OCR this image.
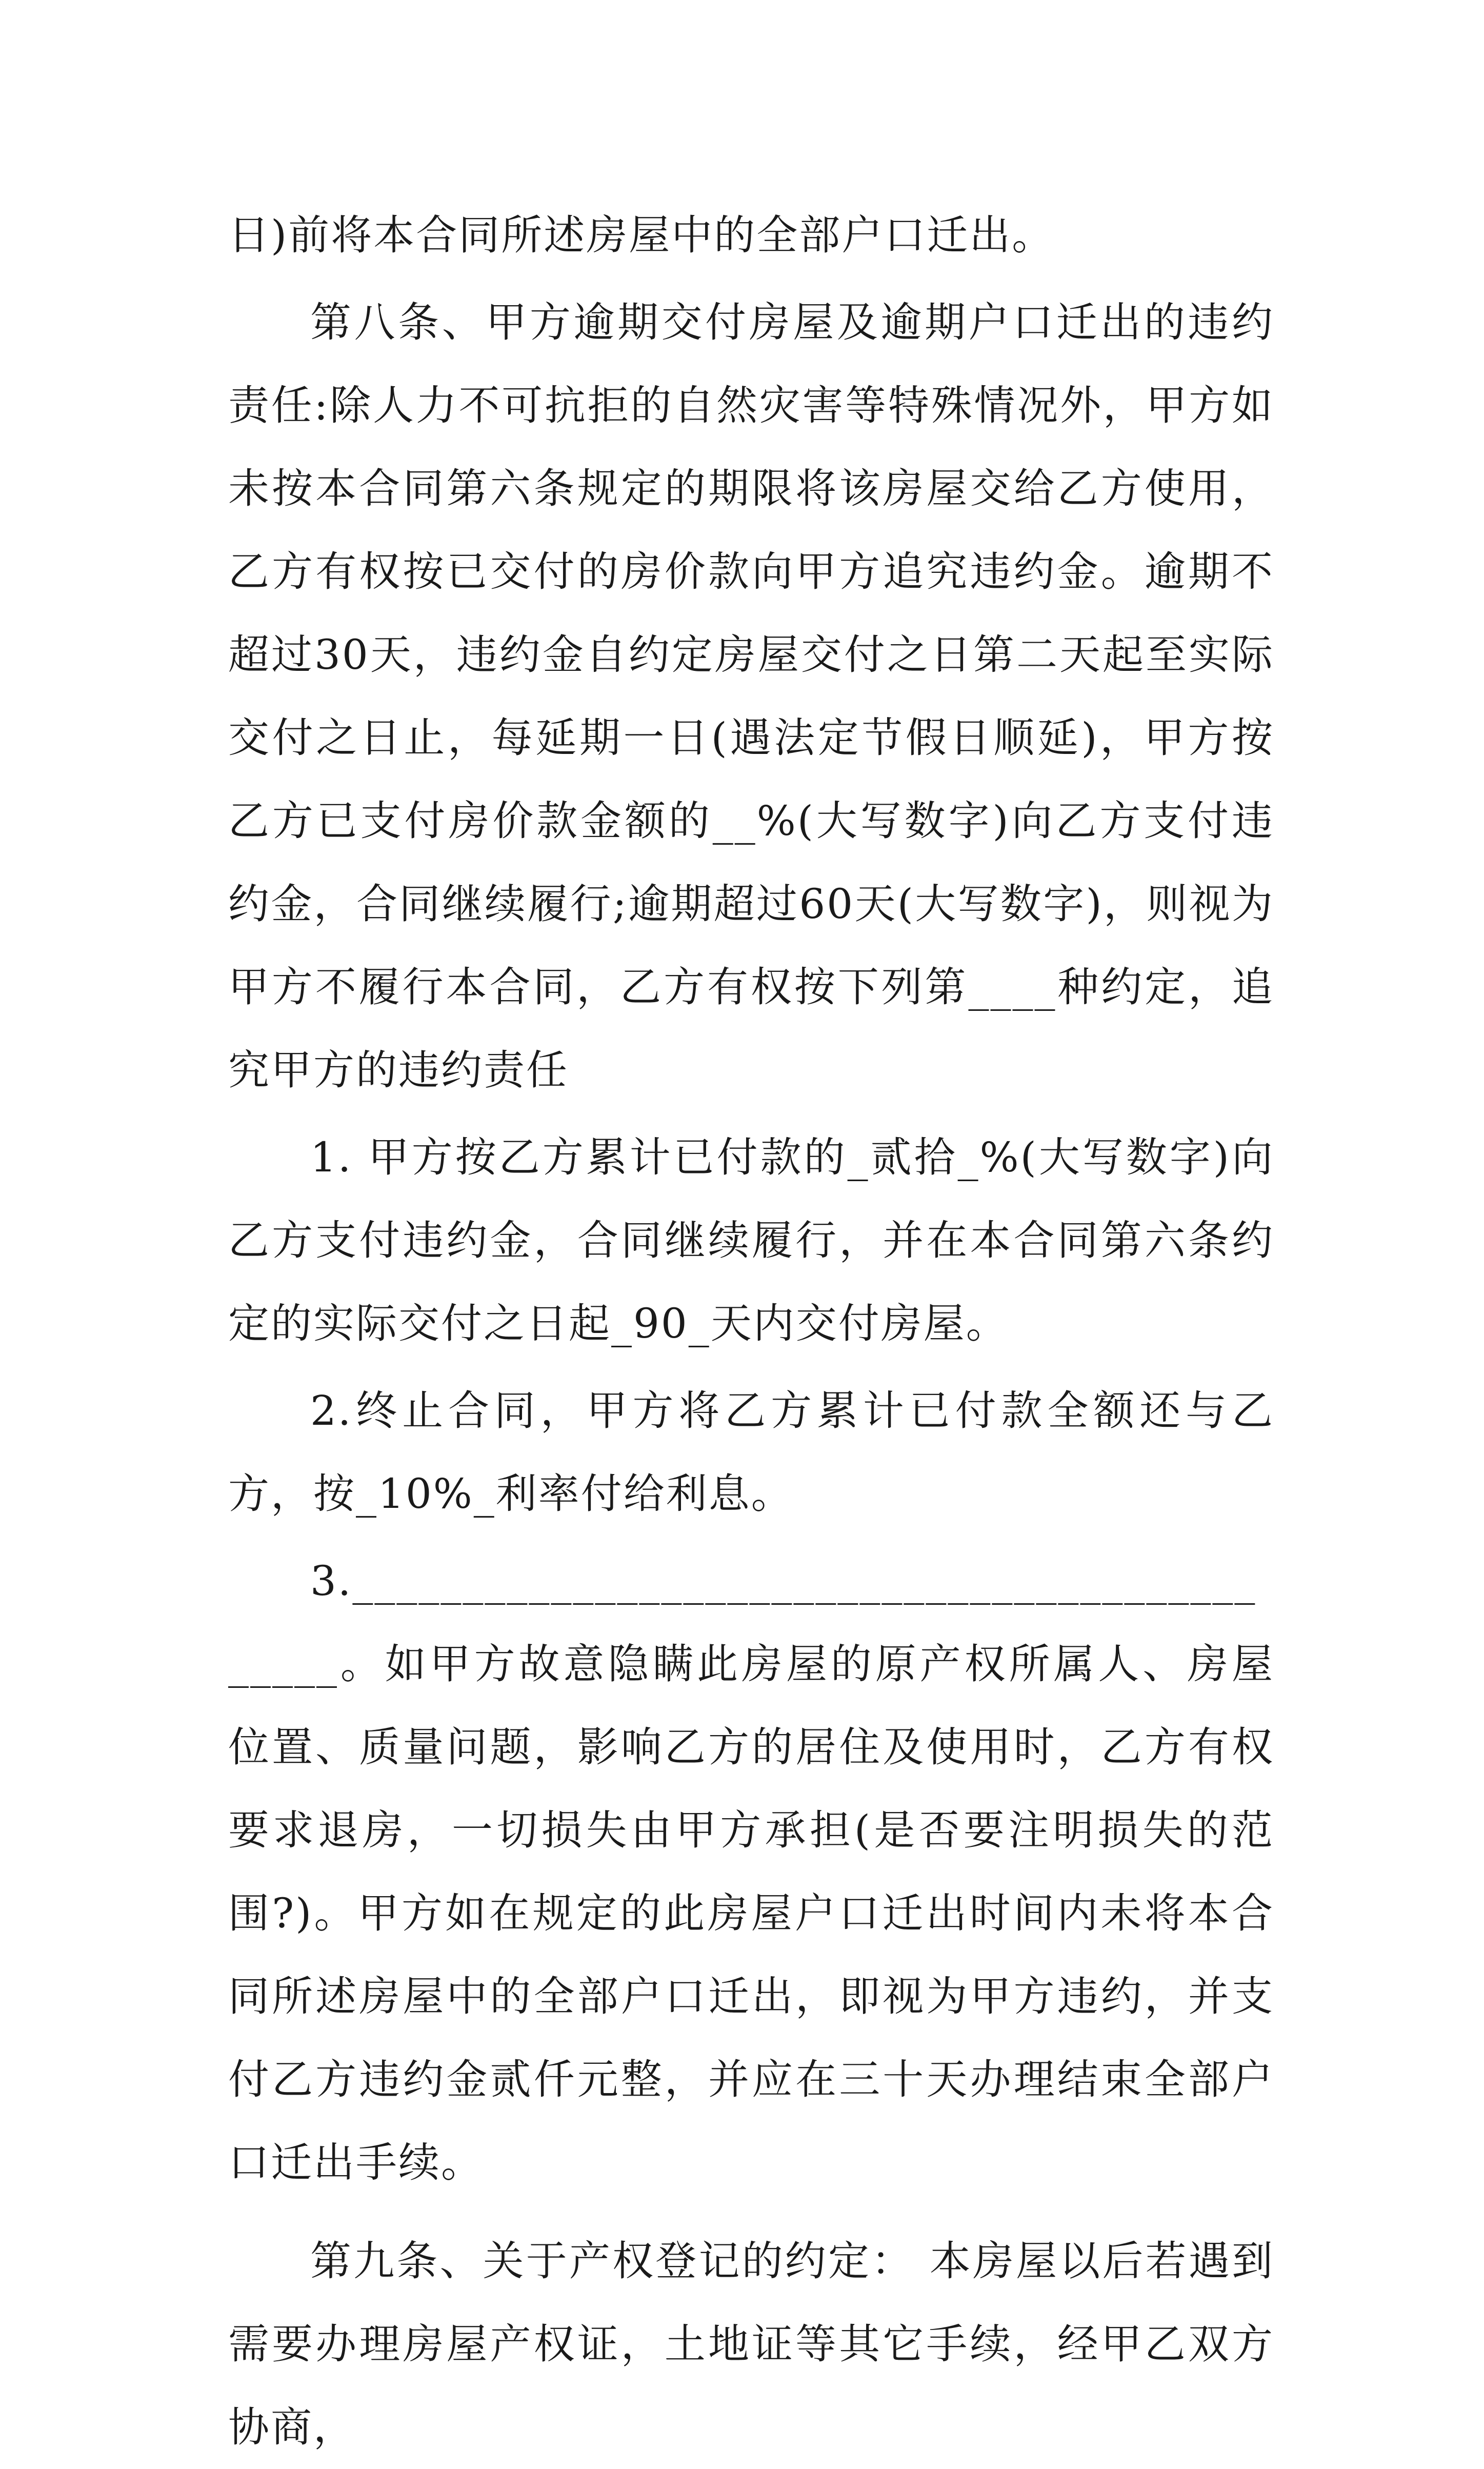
日)前将本合同所述房屋中的全部户口迁出。

第八条、甲方逾期交付房屋及逾期户口迁出的违约责任:除人力不可抗拒的自然灾害等特殊情况外，甲方如未按本合同第六条规定的期限将该房屋交给乙方使用，乙方有权按已交付的房价款向甲方追究违约金。逾期不超过30天，违约金自约定房屋交付之日第二天起至实际交付之日止，每延期一日(遇法定节假日顺延)，甲方按乙方已支付房价款金额的__%(大写数字)向乙方支付违约金，合同继续履行;逾期超过60天(大写数字)，则视为甲方不履行本合同，乙方有权按下列第____种约定，追究甲方的违约责任

1. 甲方按乙方累计已付款的_贰拾_%(大写数字)向乙方支付违约金，合同继续履行，并在本合同第六条约定的实际交付之日起_90_天内交付房屋。

2.终止合同，甲方将乙方累计已付款全额还与乙方，按_10%_利率付给利息。

3.______________________________________________。如甲方故意隐瞒此房屋的原产权所属人、房屋位置、质量问题，影响乙方的居住及使用时，乙方有权要求退房，一切损失由甲方承担(是否要注明损失的范围?)。甲方如在规定的此房屋户口迁出时间内未将本合同所述房屋中的全部户口迁出，即视为甲方违约，并支付乙方违约金贰仟元整，并应在三十天办理结束全部户口迁出手续。

第九条、关于产权登记的约定： 本房屋以后若遇到需要办理房屋产权证，土地证等其它手续，经甲乙双方协商，
